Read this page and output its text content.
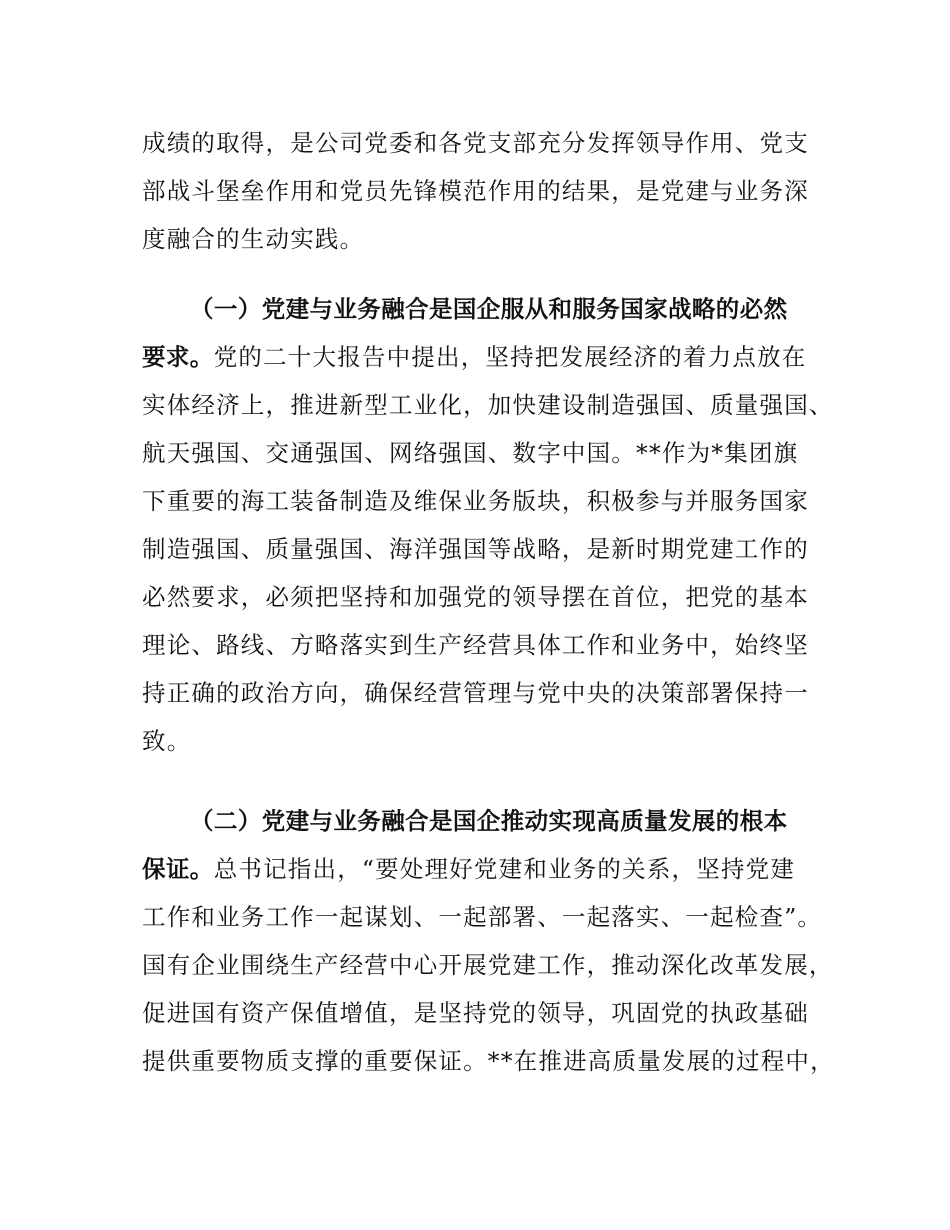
成绩的取得，是公司党委和各党支部充分发挥领导作用、党支
部战斗堡垒作用和党员先锋模范作用的结果，是党建与业务深
度融合的生动实践。
（一）党建与业务融合是国企服从和服务国家战略的必然
要求。党的二十大报告中提出，坚持把发展经济的着力点放在
实体经济上，推进新型工业化，加快建设制造强国、质量强国、
航天强国、交通强国、网络强国、数字中国。**作为*集团旗
下重要的海工装备制造及维保业务版块，积极参与并服务国家
制造强国、质量强国、海洋强国等战略，是新时期党建工作的
必然要求，必须把坚持和加强党的领导摆在首位，把党的基本
理论、路线、方略落实到生产经营具体工作和业务中，始终坚
持正确的政治方向，确保经营管理与党中央的决策部署保持一
致。
（二）党建与业务融合是国企推动实现高质量发展的根本
保证。总书记指出，“要处理好党建和业务的关系，坚持党建
工作和业务工作一起谋划、一起部署、一起落实、一起检查”。
国有企业围绕生产经营中心开展党建工作，推动深化改革发展，
促进国有资产保值增值，是坚持党的领导，巩固党的执政基础
提供重要物质支撑的重要保证。**在推进高质量发展的过程中，
